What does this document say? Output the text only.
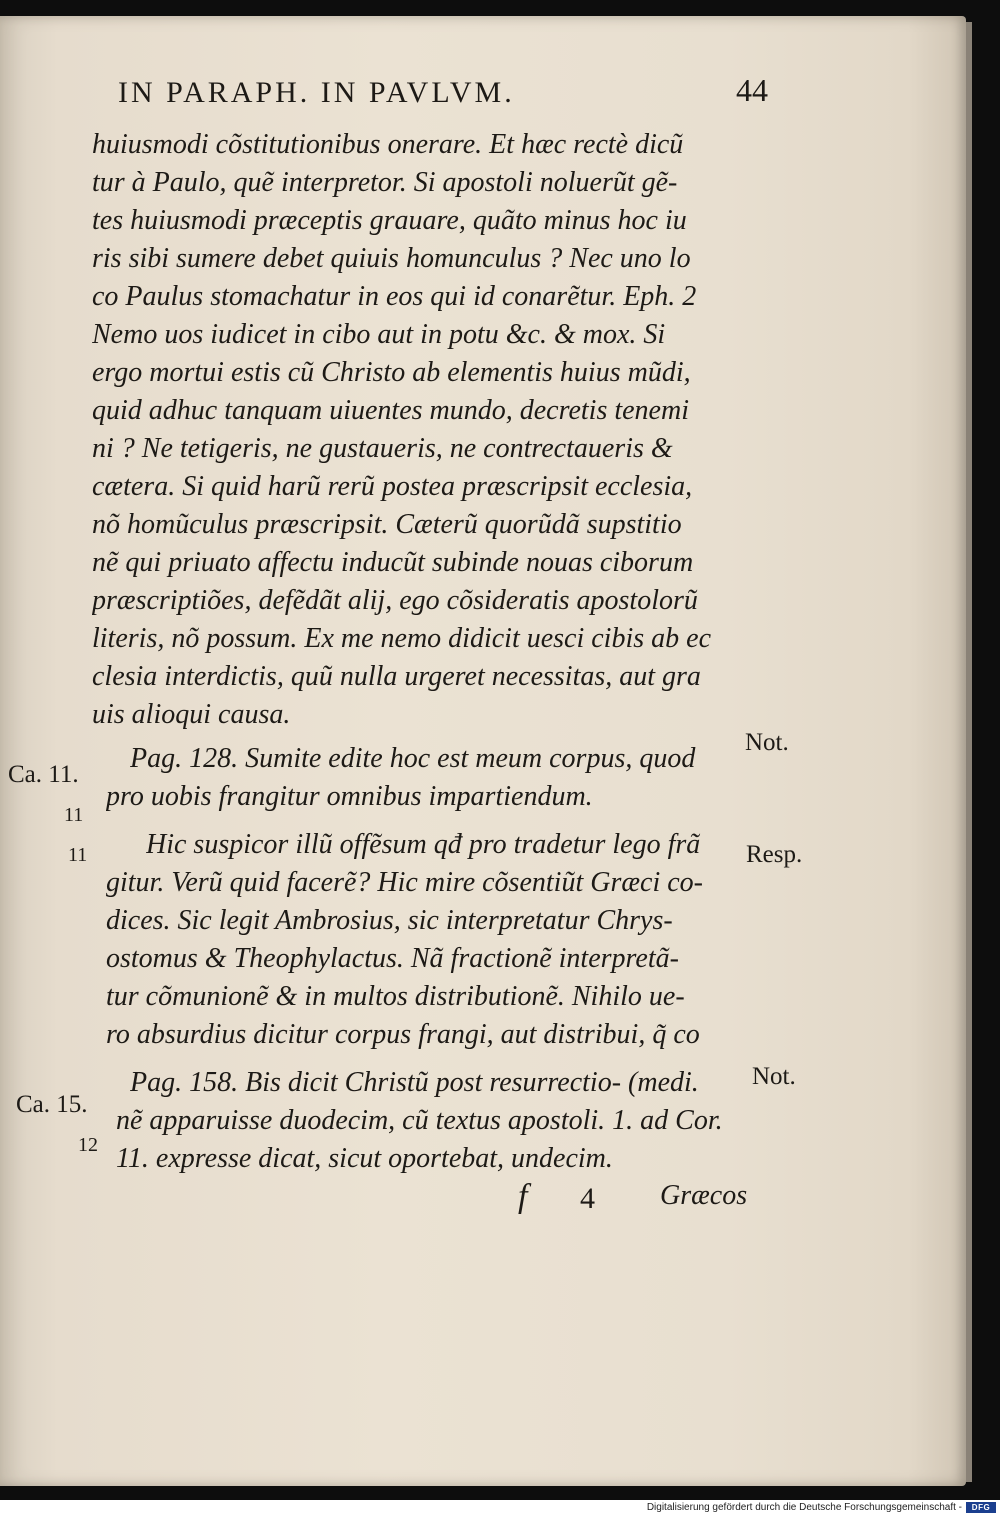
IN PARAPH. IN PAVLVM.	44
huiusmodi cõstitutionibus onerare. Et hæc rectè dicũ
tur à Paulo, quẽ interpretor. Si apostoli noluerũt gẽ-
tes huiusmodi præceptis grauare, quãto minus hoc iu
ris sibi sumere debet quiuis homunculus ? Nec uno lo
co Paulus stomachatur in eos qui id conarẽtur. Eph. 2
Nemo uos iudicet in cibo aut in potu &c. & mox. Si
ergo mortui estis cũ Christo ab elementis huius mũdi,
quid adhuc tanquam uiuentes mundo, decretis tenemi
ni ? Ne tetigeris, ne gustaueris, ne contrectaueris &
cætera. Si quid harũ rerũ postea præscripsit ecclesia,
nõ homũculus præscripsit. Cæterũ quorũdã supstitio
nẽ qui priuato affectu inducũt subinde nouas ciborum
præscriptiões, defẽdãt alij, ego cõsideratis apostolorũ
literis, nõ possum. Ex me nemo didicit uesci cibis ab ec
clesia interdictis, quũ nulla urgeret necessitas, aut gra
uis alioqui causa.
Pag. 128. Sumite edite hoc est meum corpus, quod
pro uobis frangitur omnibus impartiendum.
Hic suspicor illũ offẽsum qđ pro tradetur lego frã
gitur. Verũ quid facerẽ? Hic mire cõsentiũt Græci co-
dices. Sic legit Ambrosius, sic interpretatur Chrys-
ostomus & Theophylactus. Nã fractionẽ interpretã-
tur cõmunionẽ & in multos distributionẽ. Nihilo ue-
ro absurdius dicitur corpus frangi, aut distribui, q̃ co
Pag. 158. Bis dicit Christũ post resurrectio- (medi.
nẽ apparuisse duodecim, cũ textus apostoli. 1. ad Cor.
11. expresse dicat, sicut oportebat, undecim.
Not.
Ca. 11.
11
11	Resp.
Not.
Ca. 15.
12
f 4 Græcos
Digitalisierung gefördert durch die Deutsche Forschungsgemeinschaft -	DFG
